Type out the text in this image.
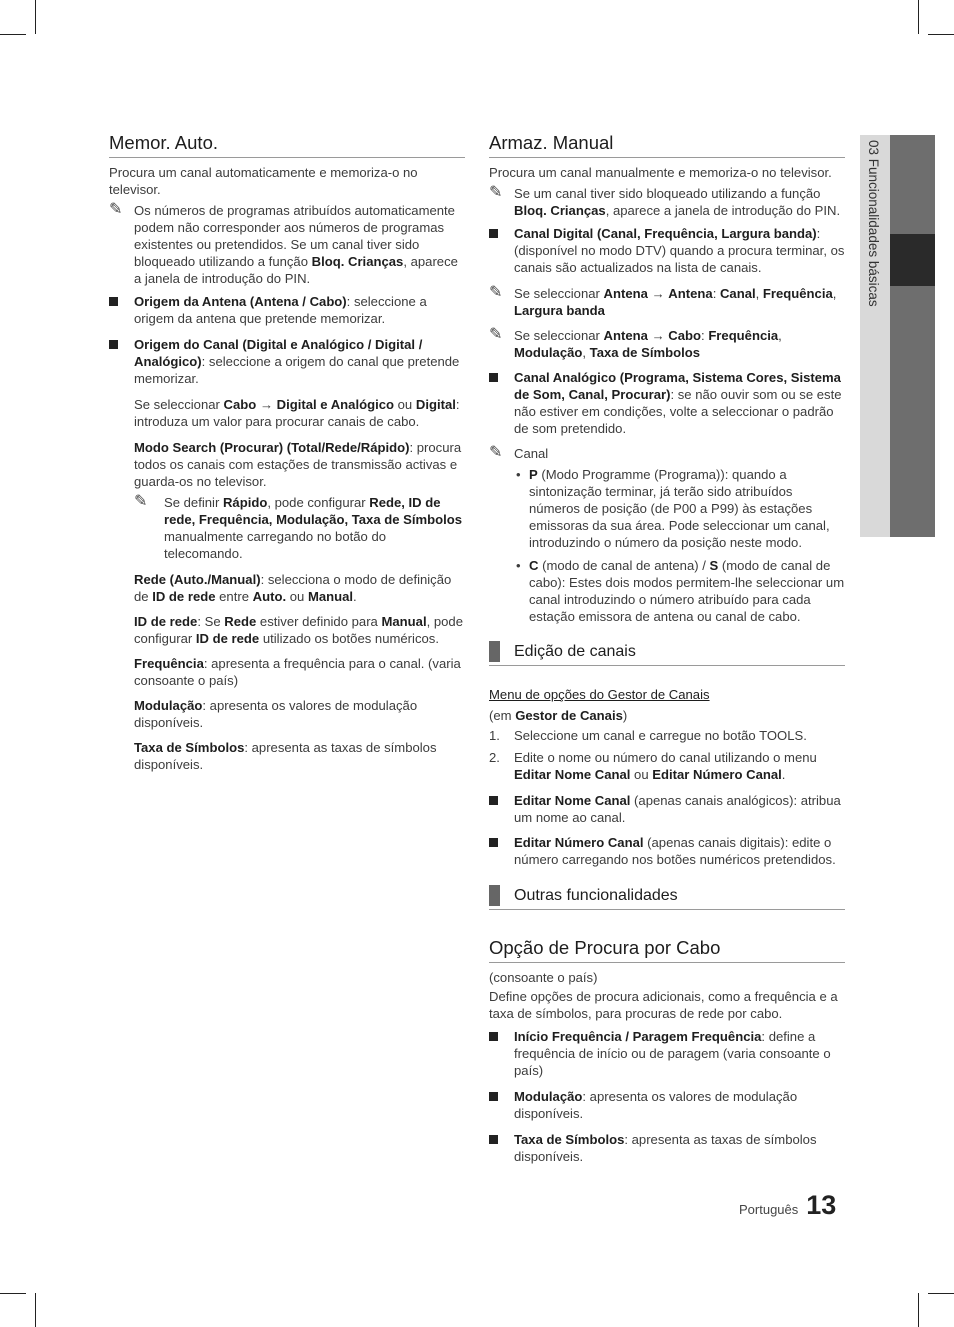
Memor. Auto.

Procura um canal automaticamente e memoriza-o no televisor.

✎ Os números de programas atribuídos automaticamente podem não corresponder aos números de programas existentes ou pretendidos. Se um canal tiver sido bloqueado utilizando a função Bloq. Crianças, aparece a janela de introdução do PIN.
Origem da Antena (Antena / Cabo): seleccione a origem da antena que pretende memorizar.
Origem do Canal (Digital e Analógico / Digital / Analógico): seleccione a origem do canal que pretende memorizar.
Se seleccionar Cabo → Digital e Analógico ou Digital: introduza um valor para procurar canais de cabo.
Modo Search (Procurar) (Total/Rede/Rápido): procura todos os canais com estações de transmissão activas e guarda-os no televisor.
✎ Se definir Rápido, pode configurar Rede, ID de rede, Frequência, Modulação, Taxa de Símbolos manualmente carregando no botão do telecomando.
Rede (Auto./Manual): selecciona o modo de definição de ID de rede entre Auto. ou Manual.
ID de rede: Se Rede estiver definido para Manual, pode configurar ID de rede utilizado os botões numéricos.
Frequência: apresenta a frequência para o canal. (varia consoante o país)
Modulação: apresenta os valores de modulação disponíveis.
Taxa de Símbolos: apresenta as taxas de símbolos disponíveis.
Armaz. Manual

Procura um canal manualmente e memoriza-o no televisor.

✎ Se um canal tiver sido bloqueado utilizando a função Bloq. Crianças, aparece a janela de introdução do PIN.
Canal Digital (Canal, Frequência, Largura banda): (disponível no modo DTV) quando a procura terminar, os canais são actualizados na lista de canais.
✎ Se seleccionar Antena → Antena: Canal, Frequência, Largura banda
✎ Se seleccionar Antena → Cabo: Frequência, Modulação, Taxa de Símbolos
Canal Analógico (Programa, Sistema Cores, Sistema de Som, Canal, Procurar): se não ouvir som ou se este não estiver em condições, volte a seleccionar o padrão de som pretendido.
✎ Canal
• P (Modo Programme (Programa)): quando a sintonização terminar, já terão sido atribuídos números de posição (de P00 a P99) às estações emissoras da sua área. Pode seleccionar um canal, introduzindo o número da posição neste modo.
• C (modo de canal de antena) / S (modo de canal de cabo): Estes dois modos permitem-lhe seleccionar um canal introduzindo o número atribuído para cada estação emissora de antena ou canal de cabo.
Edição de canais

Menu de opções do Gestor de Canais

(em Gestor de Canais)

1. Seleccione um canal e carregue no botão TOOLS.
2. Edite o nome ou número do canal utilizando o menu Editar Nome Canal ou Editar Número Canal.
Editar Nome Canal (apenas canais analógicos): atribua um nome ao canal.
Editar Número Canal (apenas canais digitais): edite o número carregando nos botões numéricos pretendidos.
Outras funcionalidades
Opção de Procura por Cabo

(consoante o país)

Define opções de procura adicionais, como a frequência e a taxa de símbolos, para procuras de rede por cabo.

Início Frequência / Paragem Frequência: define a frequência de início ou de paragem (varia consoante o país)
Modulação: apresenta os valores de modulação disponíveis.
Taxa de Símbolos: apresenta as taxas de símbolos disponíveis.
03 Funcionalidades básicas
Português 13
